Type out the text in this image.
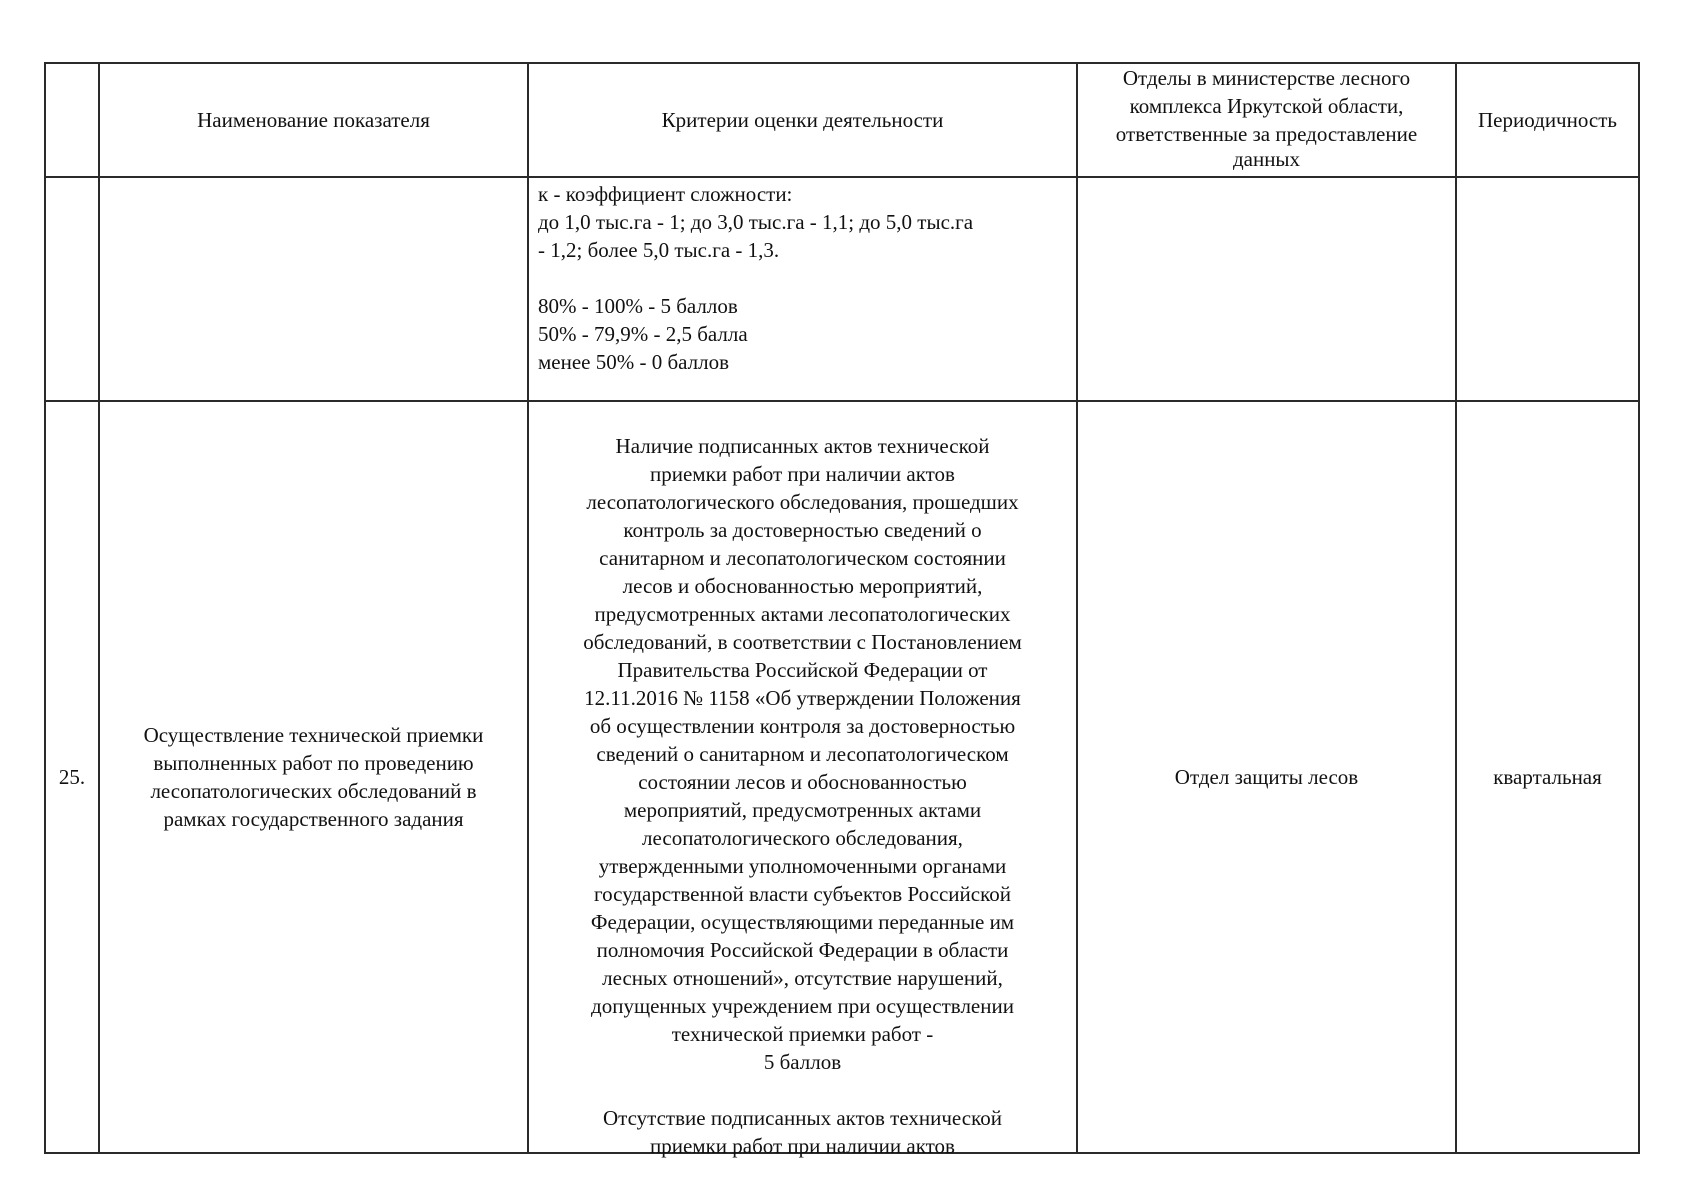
Наименование показателя	Критерии оценки деятельности
Отделы в министерстве лесного
комплекса Иркутской области,
ответственные за предоставление
данных
Периодичность
к - коэффициент сложности:
до 1,0 тыс.га - 1; до 3,0 тыс.га - 1,1; до 5,0 тыс.га
- 1,2; более 5,0 тыс.га - 1,3.
80% - 100% - 5 баллов
50% - 79,9% - 2,5 балла
менее 50% - 0 баллов
25.
Осуществление технической приемки
выполненных работ по проведению
лесопатологических обследований в
рамках государственного задания
Наличие подписанных актов технической
приемки работ при наличии актов
лесопатологического обследования, прошедших
контроль за достоверностью сведений о
санитарном и лесопатологическом состоянии
лесов и обоснованностью мероприятий,
предусмотренных актами лесопатологических
обследований, в соответствии с Постановлением
Правительства Российской Федерации от
12.11.2016 № 1158 «Об утверждении Положения
об осуществлении контроля за достоверностью
сведений о санитарном и лесопатологическом
состоянии лесов и обоснованностью
мероприятий, предусмотренных актами
лесопатологического обследования,
утвержденными уполномоченными органами
государственной власти субъектов Российской
Федерации, осуществляющими переданные им
полномочия Российской Федерации в области
лесных отношений», отсутствие нарушений,
допущенных учреждением при осуществлении
технической приемки работ -
5 баллов
Отсутствие подписанных актов технической
приемки работ при наличии актов
Отдел защиты лесов	квартальная
